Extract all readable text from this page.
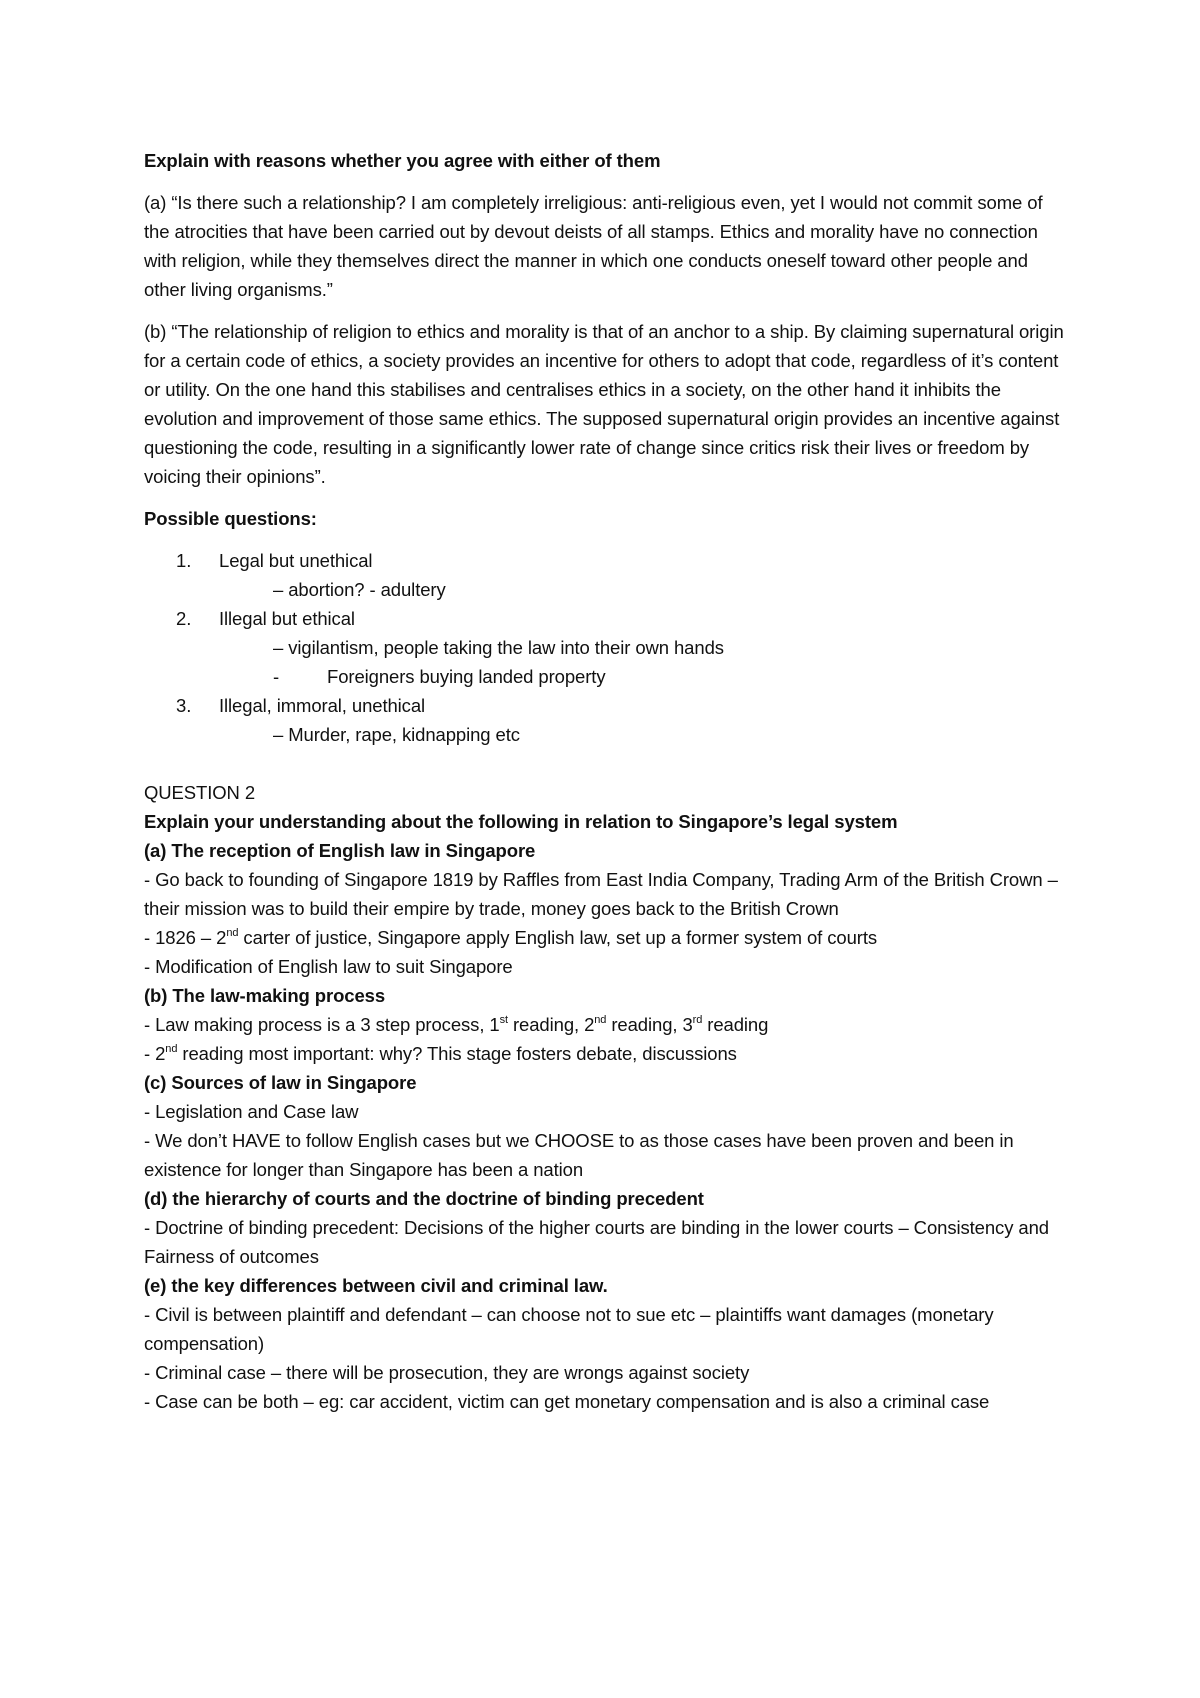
Explain with reasons whether you agree with either of them

(a) “Is there such a relationship? I am completely irreligious: anti-religious even, yet I would not commit some of the atrocities that have been carried out by devout deists of all stamps. Ethics and morality have no connection with religion, while they themselves direct the manner in which one conducts oneself toward other people and other living organisms.”

(b) “The relationship of religion to ethics and morality is that of an anchor to a ship. By claiming supernatural origin for a certain code of ethics, a society provides an incentive for others to adopt that code, regardless of it’s content or utility. On the one hand this stabilises and centralises ethics in a society, on the other hand it inhibits the evolution and improvement of those same ethics. The supposed supernatural origin provides an incentive against questioning the code, resulting in a significantly lower rate of change since critics risk their lives or freedom by voicing their opinions”.

Possible questions:

1.	Legal but unethical
– abortion? - adultery
2.	Illegal but ethical
– vigilantism, people taking the law into their own hands
-	Foreigners buying landed property
3.	Illegal, immoral, unethical
– Murder, rape, kidnapping etc

QUESTION 2

Explain your understanding about the following in relation to Singapore’s legal system

(a) The reception of English law in Singapore

- Go back to founding of Singapore 1819 by Raffles from East India Company, Trading Arm of the British Crown – their mission was to build their empire by trade, money goes back to the British Crown

- 1826 – 2nd carter of justice, Singapore apply English law, set up a former system of courts

- Modification of English law to suit Singapore

(b) The law-making process

- Law making process is a 3 step process, 1st reading, 2nd reading, 3rd reading

- 2nd reading most important: why? This stage fosters debate, discussions

(c) Sources of law in Singapore

- Legislation and Case law

- We don’t HAVE to follow English cases but we CHOOSE to as those cases have been proven and been in existence for longer than Singapore has been a nation

(d) the hierarchy of courts and the doctrine of binding precedent

- Doctrine of binding precedent: Decisions of the higher courts are binding in the lower courts – Consistency and Fairness of outcomes

(e) the key differences between civil and criminal law.

- Civil is between plaintiff and defendant – can choose not to sue etc – plaintiffs want damages (monetary compensation)

- Criminal case – there will be prosecution, they are wrongs against society

- Case can be both – eg: car accident, victim can get monetary compensation and is also a criminal case
